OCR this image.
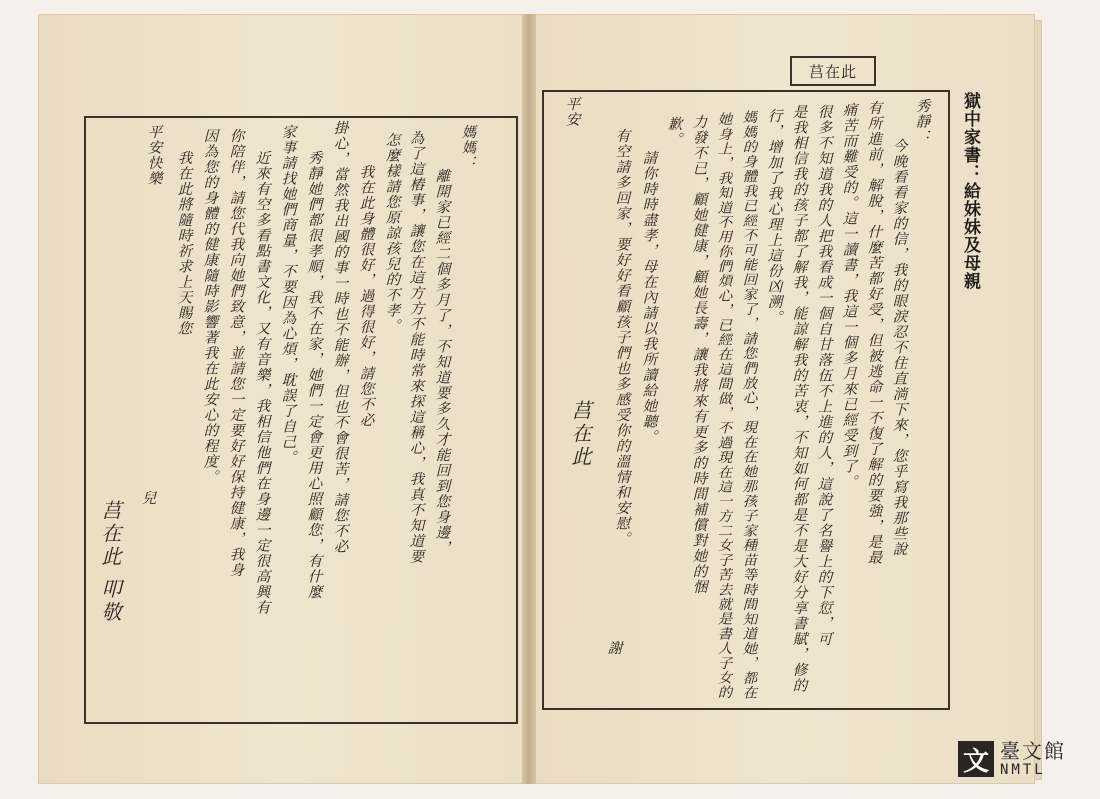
獄中家書：給妹妹及母親
莒在此
秀靜：
今晚看看家的信，我的眼淚忍不住直淌下來，您乎寫我那些說
有所進前，解脫，什麼苦都好受，但被逃命一不復了解的要強，是最
痛苦而難受的。這一讀書，我這一個多月來已經受到了。
很多不知道我的人把我看成一個自甘落伍不上進的人，這說了名譽上的下愆，可
是我相信我的孩子都了解我，能諒解我的苦衷，不知如何都是不是大好分享書賦，修的
行，增加了我心理上這份凶溯。
媽媽的身體我已經不可能回家了，請您們放心，現在在她那孩子家種苗等時間知道她，都在
她身上，我知道不用你們煩心，已經在這間做，不過現在這一方二女子苦去就是書人子女的
力發不已，顧她健康，顧她長壽，讓我將來有更多的時間補償對她的悃
歉。
請你時時盡孝，母在內請以我所讀給她聽。
有空請多回家，要好好看顧孩子們也多感受你的溫情和安慰。
平安
謝
莒在此
媽媽：
離開家已經二個多月了，不知道要多久才能回到您身邊，
為了這樁事，讓您在這方方不能時常來探這稱心，我真不知道要
怎麼樣請您原諒孩兒的不孝。
我在此身體很好，過得很好，請您不必
掛心，當然我出國的事一時也不能辦，但也不會很苦，請您不必
秀靜她們都很孝順，我不在家，她們一定會更用心照顧您，有什麼
家事請找她們商量，不要因為心煩，耽誤了自己。
近來有空多看點書文化，又有音樂，我相信他們在身邊一定很高興有
你陪伴，請您代我向她們致意，並請您一定要好好保持健康，我身
因為您的身體的健康隨時影響著我在此安心的程度。
我在此將隨時祈求上天賜您
平安快樂
兒
莒在此 叩敬
文 臺文館
NMTL
